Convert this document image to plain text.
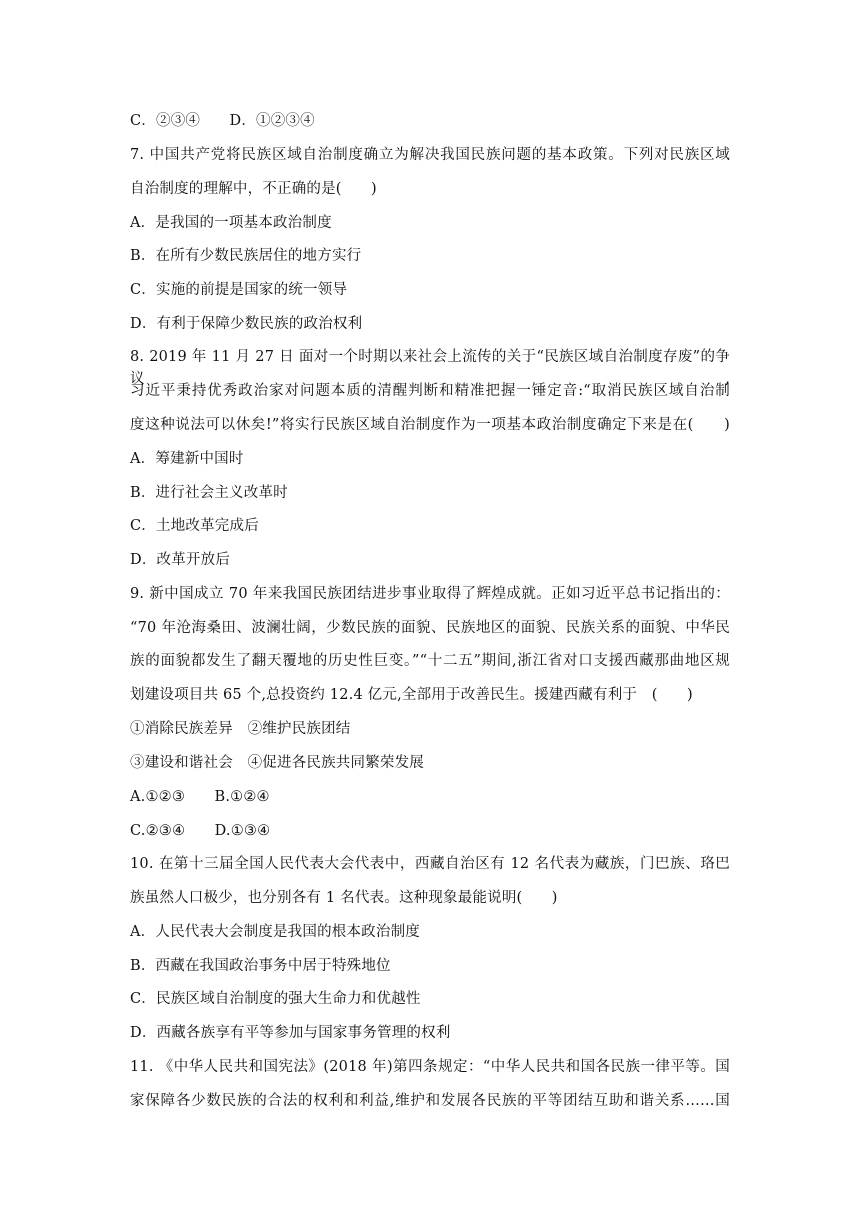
C．②③④　　D．①②③④
7. 中国共产党将民族区域自治制度确立为解决我国民族问题的基本政策。下列对民族区域
自治制度的理解中，不正确的是(　　)
A．是我国的一项基本政治制度
B．在所有少数民族居住的地方实行
C．实施的前提是国家的统一领导
D．有利于保障少数民族的政治权利
8. 2019 年 11 月 27 日 面对一个时期以来社会上流传的关于“民族区域自治制度存废”的争议,
习近平秉持优秀政治家对问题本质的清醒判断和精准把握一锤定音:“取消民族区域自治制
度这种说法可以休矣!”将实行民族区域自治制度作为一项基本政治制度确定下来是在(　　)
A．筹建新中国时
B．进行社会主义改革时
C．土地改革完成后
D．改革开放后
9. 新中国成立 70 年来我国民族团结进步事业取得了辉煌成就。正如习近平总书记指出的：
“70 年沧海桑田、波澜壮阔，少数民族的面貌、民族地区的面貌、民族关系的面貌、中华民
族的面貌都发生了翻天覆地的历史性巨变。”“十二五”期间,浙江省对口支援西藏那曲地区规
划建设项目共 65 个,总投资约 12.4 亿元,全部用于改善民生。援建西藏有利于　(　　)
①消除民族差异　②维护民族团结
③建设和谐社会　④促进各民族共同繁荣发展
A.①②③　　B.①②④
C.②③④　　D.①③④
10. 在第十三届全国人民代表大会代表中，西藏自治区有 12 名代表为藏族，门巴族、珞巴
族虽然人口极少，也分别各有 1 名代表。这种现象最能说明(　　)
A．人民代表大会制度是我国的根本政治制度
B．西藏在我国政治事务中居于特殊地位
C．民族区域自治制度的强大生命力和优越性
D．西藏各族享有平等参加与国家事务管理的权利
11. 《中华人民共和国宪法》(2018 年)第四条规定：“中华人民共和国各民族一律平等。国
家保障各少数民族的合法的权利和利益,维护和发展各民族的平等团结互助和谐关系……国
